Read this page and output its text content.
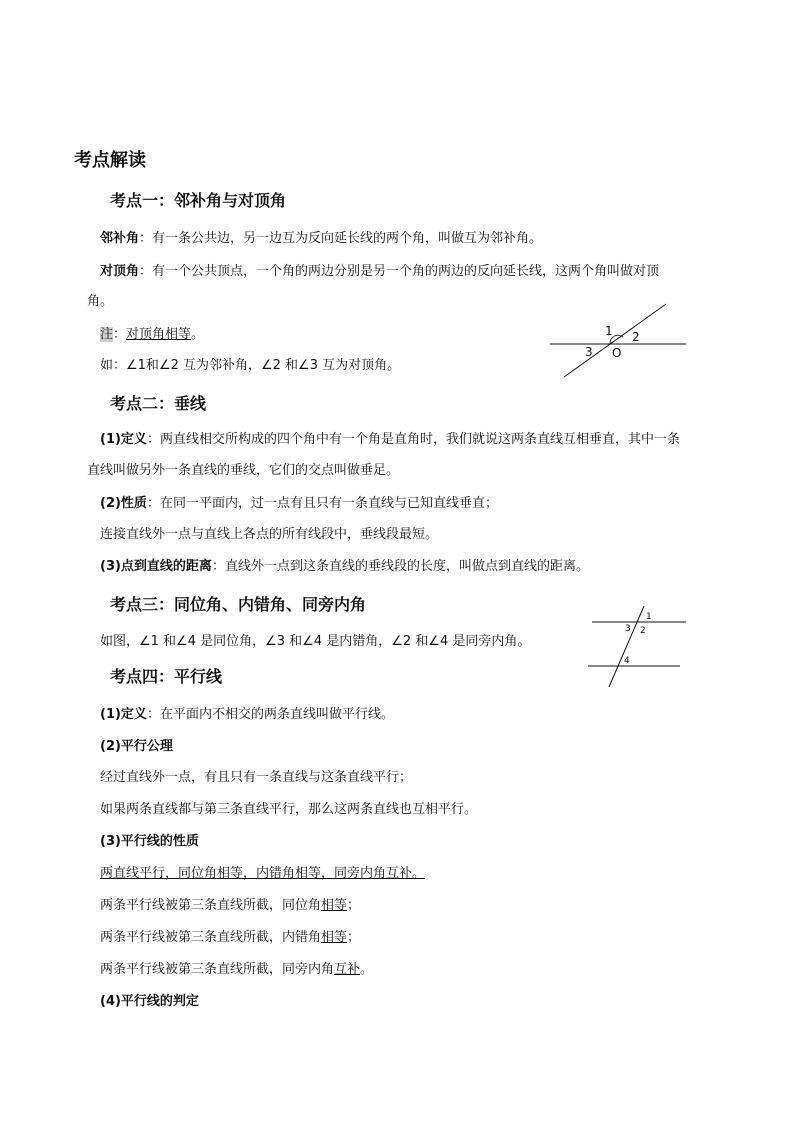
考点解读
考点一：邻补角与对顶角
邻补角：有一条公共边，另一边互为反向延长线的两个角，叫做互为邻补角。
对顶角：有一个公共顶点，一个角的两边分别是另一个角的两边的反向延长线，这两个角叫做对顶
角。
注：对顶角相等。
如：∠1和∠2 互为邻补角，∠2 和∠3 互为对顶角。
1 2
3 O
考点二：垂线
(1)定义：两直线相交所构成的四个角中有一个角是直角时，我们就说这两条直线互相垂直，其中一条
直线叫做另外一条直线的垂线，它们的交点叫做垂足。
(2)性质：在同一平面内，过一点有且只有一条直线与已知直线垂直；
连接直线外一点与直线上各点的所有线段中，垂线段最短。
(3)点到直线的距离：直线外一点到这条直线的垂线段的长度，叫做点到直线的距离。
考点三：同位角、内错角、同旁内角
如图，∠1 和∠4 是同位角，∠3 和∠4 是内错角，∠2 和∠4 是同旁内角。
1
2
3
4
考点四：平行线
(1)定义：在平面内不相交的两条直线叫做平行线。
(2)平行公理
经过直线外一点，有且只有一条直线与这条直线平行；
如果两条直线都与第三条直线平行，那么这两条直线也互相平行。
(3)平行线的性质
两直线平行，同位角相等，内错角相等，同旁内角互补。
两条平行线被第三条直线所截，同位角相等；
两条平行线被第三条直线所截，内错角相等；
两条平行线被第三条直线所截，同旁内角互补。
(4)平行线的判定
